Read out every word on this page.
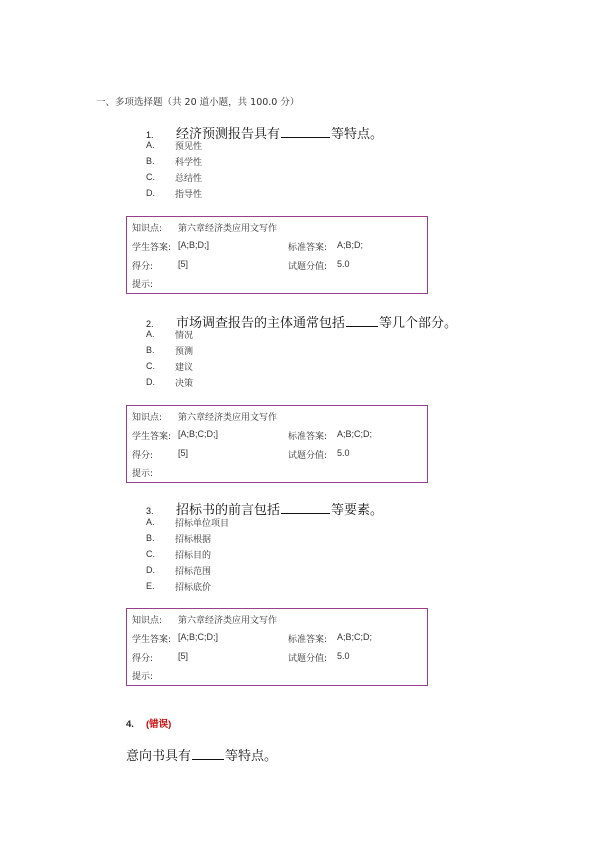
一、多项选择题（共 20 道小题，共 100.0 分）
1.	经济预测报告具有	等特点。
A.	预见性
B.	科学性
C.	总结性
D.	指导性
知识点: 第六章经济类应用文写作
学生答案: [A;B;D;]	标准答案: A;B;D;
得分:	[5]	试题分值: 5.0
提示:
2.	市场调查报告的主体通常包括	等几个部分。
A.	情况
B.	预测
C.	建议
D.	决策
知识点: 第六章经济类应用文写作
学生答案: [A;B;C;D;]	标准答案: A;B;C;D;
得分:	[5]	试题分值: 5.0
提示:
3.	招标书的前言包括	等要素。
A.	招标单位项目
B.	招标根据
C.	招标目的
D.	招标范围
E.	招标底价
知识点: 第六章经济类应用文写作
学生答案: [A;B;C;D;]	标准答案: A;B;C;D;
得分:	[5]	试题分值: 5.0
提示:
4.	(错误)
意向书具有	等特点。
